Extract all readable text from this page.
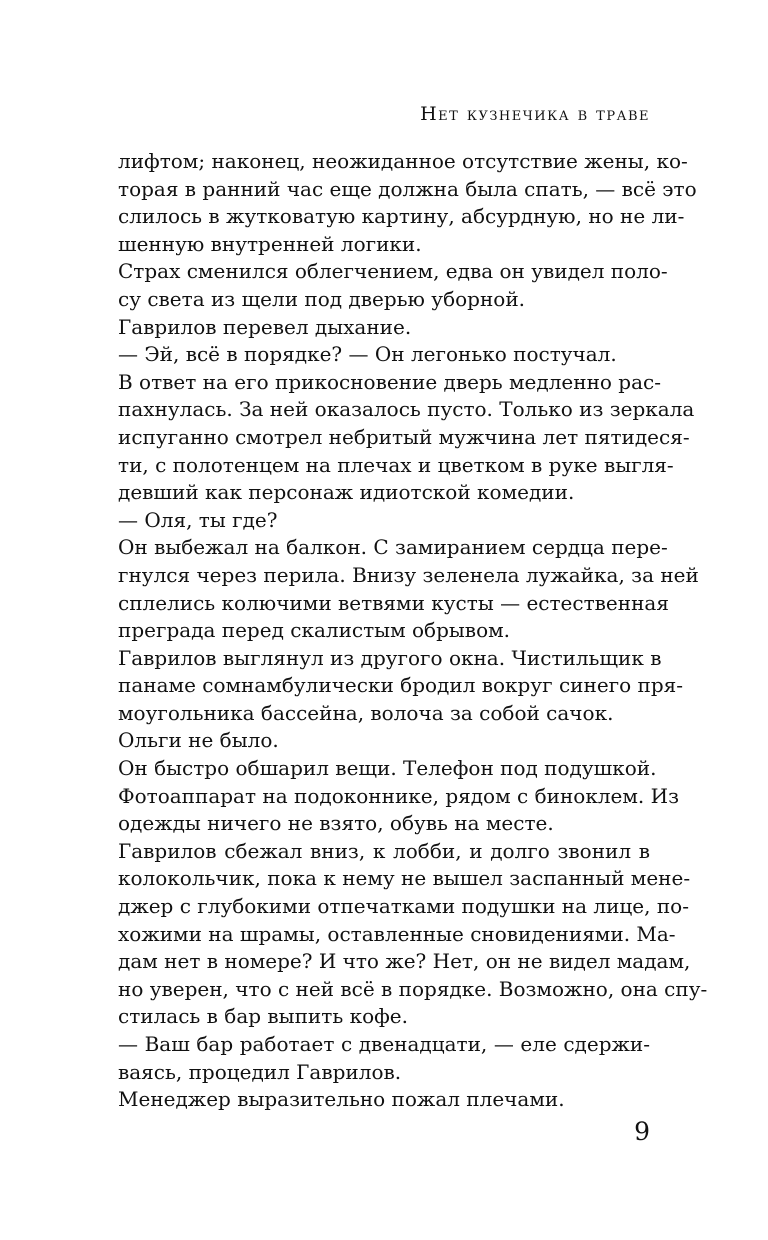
Нет кузнечика в траве
лифтом; наконец, неожиданное отсутствие жены, ко-
торая в ранний час еще должна была спать, — всё это
слилось в жутковатую картину, абсурдную, но не ли-
шенную внутренней логики.
Страх сменился облегчением, едва он увидел поло-
су света из щели под дверью уборной.
Гаврилов перевел дыхание.
— Эй, всё в порядке? — Он легонько постучал.
В ответ на его прикосновение дверь медленно рас-
пахнулась. За ней оказалось пусто. Только из зеркала
испуганно смотрел небритый мужчина лет пятидеся-
ти, с полотенцем на плечах и цветком в руке выгля-
девший как персонаж идиотской комедии.
— Оля, ты где?
Он выбежал на балкон. С замиранием сердца пере-
гнулся через перила. Внизу зеленела лужайка, за ней
сплелись колючими ветвями кусты — естественная
преграда перед скалистым обрывом.
Гаврилов выглянул из другого окна. Чистильщик в
панаме сомнамбулически бродил вокруг синего пря-
моугольника бассейна, волоча за собой сачок.
Ольги не было.
Он быстро обшарил вещи. Телефон под подушкой.
Фотоаппарат на подоконнике, рядом с биноклем. Из
одежды ничего не взято, обувь на месте.
Гаврилов сбежал вниз, к лобби, и долго звонил в
колокольчик, пока к нему не вышел заспанный мене-
джер с глубокими отпечатками подушки на лице, по-
хожими на шрамы, оставленные сновидениями. Ма-
дам нет в номере? И что же? Нет, он не видел мадам,
но уверен, что с ней всё в порядке. Возможно, она спу-
стилась в бар выпить кофе.
— Ваш бар работает с двенадцати, — еле сдержи-
ваясь, процедил Гаврилов.
Менеджер выразительно пожал плечами.
9
